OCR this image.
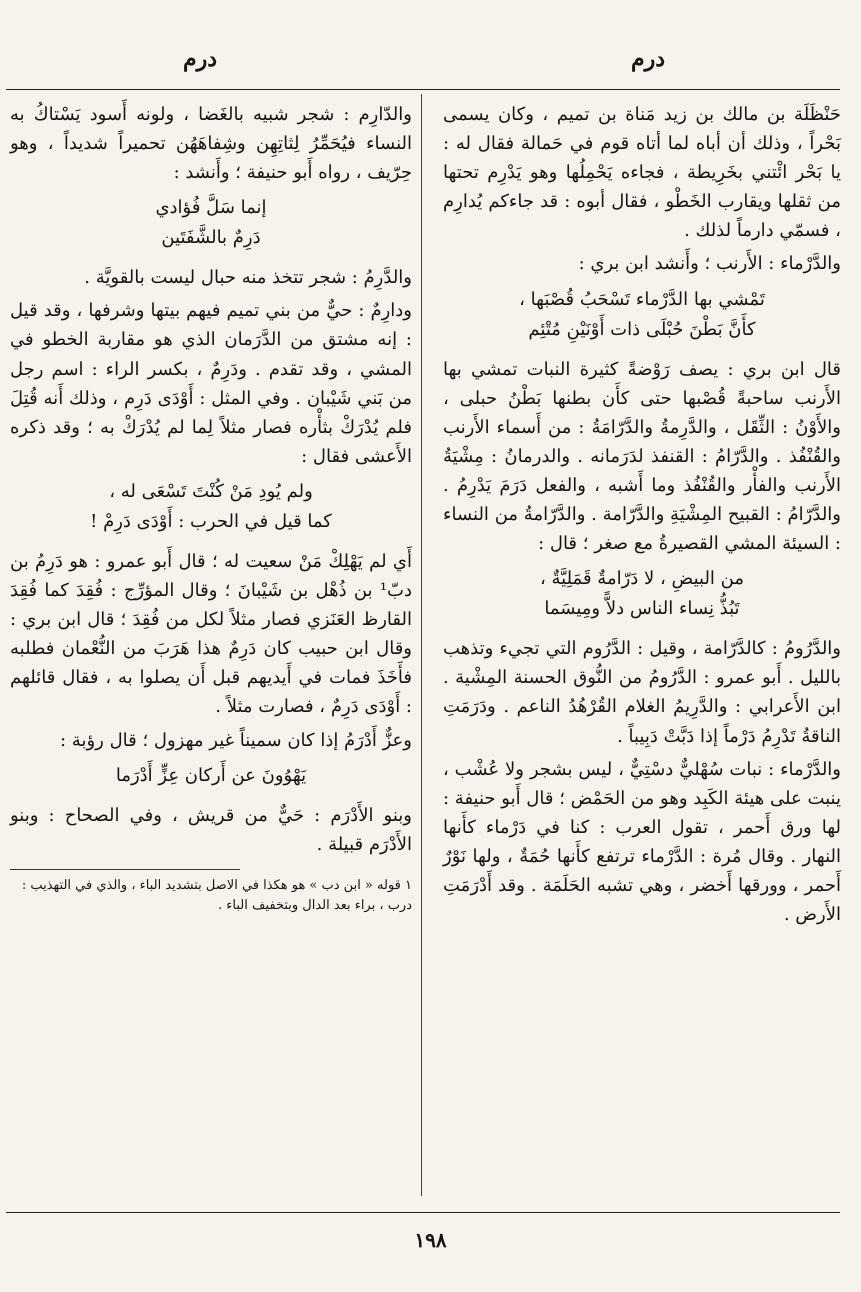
درم
درم

حَنْظَلَة بن مالك بن زيد مَناة بن تميم ، وكان يسمى بَحْراً ، وذلك أن أباه لما أتاه قوم في حَمالة فقال له : يا بَحْر ائْتني بخَرِيطة ، فجاءه يَحْمِلُها وهو يَدْرِم تحتها من ثقلها ويقارب الخَطْو ، فقال أبوه : قد جاءكم يُدارِم ، فسمّي دارماً لذلك .

والدَّرْماء : الأَرنب ؛ وأَنشد ابن بري :

تَمْشي بها الدَّرْماء تَسْحَبُ قُصْبَها ،
كأَنَّ بَطْنَ حُبْلَى ذات أَوْنَيْنِ مُتْئِم

قال ابن بري : يصف رَوْضةً كثيرة النبات تمشي بها الأَرنب ساحبةً قُصْبها حتى كأَن بطنها بَطْنُ حبلى ، والأَوْنُ : الثِّقَل ، والدَّرِمةُ والدَّرّامَةُ : من أَسماء الأَرنب والقُنْفُذ . والدَّرّامُ : القنفذ لدَرَمانه . والدرمانُ : مِشْيَةُ الأَرنب والفأْر والقُنْفُذ وما أَشبه ، والفعل دَرَمَ يَدْرِمُ . والدَّرّامُ : القبيح المِشْيَةِ والدَّرّامة . والدَّرّامةُ من النساء : السيئة المشي القصيرةُ مع صغر ؛ قال :

من البيضِ ، لا دَرّامةٌ قَمَلِيَّةٌ ،
تَبُذُّ نِساء الناس دلاًّ ومِيسَما

والدَّرُومُ : كالدَّرّامة ، وقيل : الدَّرُوم التي تجيء وتذهب بالليل . أَبو عمرو : الدَّرُومُ من النُّوق الحسنة المِشْية . ابن الأَعرابي : والدَّرِيمُ الغلام القُرْهُدُ الناعم . ودَرَمَتِ الناقةُ تَدْرِمُ دَرْماً إذا دَبَّتْ دَبِيباً .

والدَّرْماء : نبات سُهْليٌّ دسْتِيٌّ ، ليس بشجر ولا عُشْب ، ينبت على هيئة الكَبِد وهو من الحَمْض ؛ قال أَبو حنيفة : لها ورق أَحمر ، تقول العرب : كنا في دَرْماء كأَنها النهار . وقال مُرة : الدَّرْماء ترتفع كأَنها حُمَةٌ ، ولها نَوْرٌ أَحمر ، وورقها أَخضر ، وهي تشبه الحَلَمَة . وقد أَدْرَمَتِ الأَرض .

والدّارِم : شجر شبيه بالغَضا ، ولونه أَسود يَسْتاكُ به النساء فيُحَمِّرُ لِثاتِهِن وشِفاهَهُن تحميراً شديداً ، وهو حِرّيف ، رواه أَبو حنيفة ؛ وأَنشد :

إنما سَلَّ فُؤادي
دَرِمٌ بالشَّفَتَين

والدَّرِمُ : شجر تتخذ منه حبال ليست بالقويَّة .

ودارِمٌ : حيٌّ من بني تميم فيهم بيتها وشرفها ، وقد قيل : إنه مشتق من الدَّرَمان الذي هو مقاربة الخطو في المشي ، وقد تقدم . ودَرِمٌ ، بكسر الراء : اسم رجل من بَني شَيْبان . وفي المثل : أَوْدَى دَرِم ، وذلك أَنه قُتِلَ فلم يُدْرَكْ بثأْره فصار مثلاً لِما لم يُدْرَكْ به ؛ وقد ذكره الأَعشى فقال :

ولم يُودِ مَنْ كُنْتَ تَسْعَى له ،
كما قيل في الحرب : أَوْدَى دَرِمْ !

أَي لم يَهْلِكْ مَنْ سعيت له ؛ قال أَبو عمرو : هو دَرِمُ بن دبّ¹ بن ذُهْل بن شَيْبانَ ؛ وقال المؤرِّج : فُقِدَ كما فُقِدَ القارظ العَنَزي فصار مثلاً لكل من فُقِدَ ؛ قال ابن بري : وقال ابن حبيب كان دَرِمٌ هذا هَرَبَ من النُّعْمان فطلبه فأَخَذَ فمات في أَيديهم قبل أَن يصلوا به ، فقال قائلهم : أَوْدَى دَرِمٌ ، فصارت مثلاً .

وعزٌّ أَدْرَمُ إذا كان سميناً غير مهزول ؛ قال رؤبة :

يَهْوُونَ عن أَركان عِزٍّ أَدْرَما

وبنو الأَدْرَم : حَيٌّ من قريش ، وفي الصحاح : وبنو الأَدْرَم قبيلة .

١ قوله « ابن دب » هو هكذا في الاصل بتشديد الباء ، والذي في التهذيب : درب ، براء بعد الدال وبتخفيف الباء .
١٩٨
